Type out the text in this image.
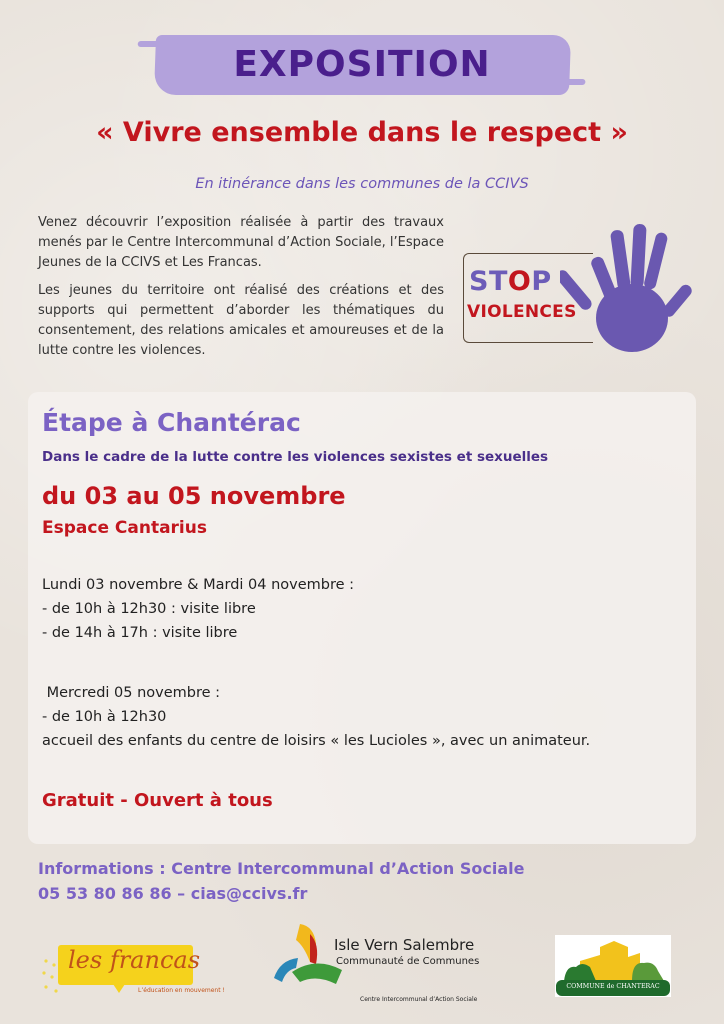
EXPOSITION
« Vivre ensemble dans le respect »
En itinérance dans les communes de la CCIVS

Venez découvrir l’exposition réalisée à partir des travaux menés par le Centre Intercommunal d’Action Sociale, l’Espace Jeunes de la CCIVS et Les Francas.

Les jeunes du territoire ont réalisé des créations et des supports qui permettent d’aborder les thématiques du consentement, des relations amicales et amoureuses et de la lutte contre les violences.

STOP
VIOLENCES
Étape à Chantérac
Dans le cadre de la lutte contre les violences sexistes et sexuelles
du 03 au 05 novembre
Espace Cantarius
Lundi 03 novembre & Mardi 04 novembre :
- de 10h à 12h30 : visite libre
- de 14h à 17h : visite libre
Mercredi 05 novembre :
- de 10h à 12h30
accueil des enfants du centre de loisirs « les Lucioles », avec un animateur.
Gratuit - Ouvert à tous
Informations : Centre Intercommunal d’Action Sociale
05 53 80 86 86 – cias@ccivs.fr
les francas
L’éducation en mouvement !
Isle Vern Salembre
Communauté de Communes
Centre Intercommunal d’Action Sociale
COMMUNE de CHANTERAC
